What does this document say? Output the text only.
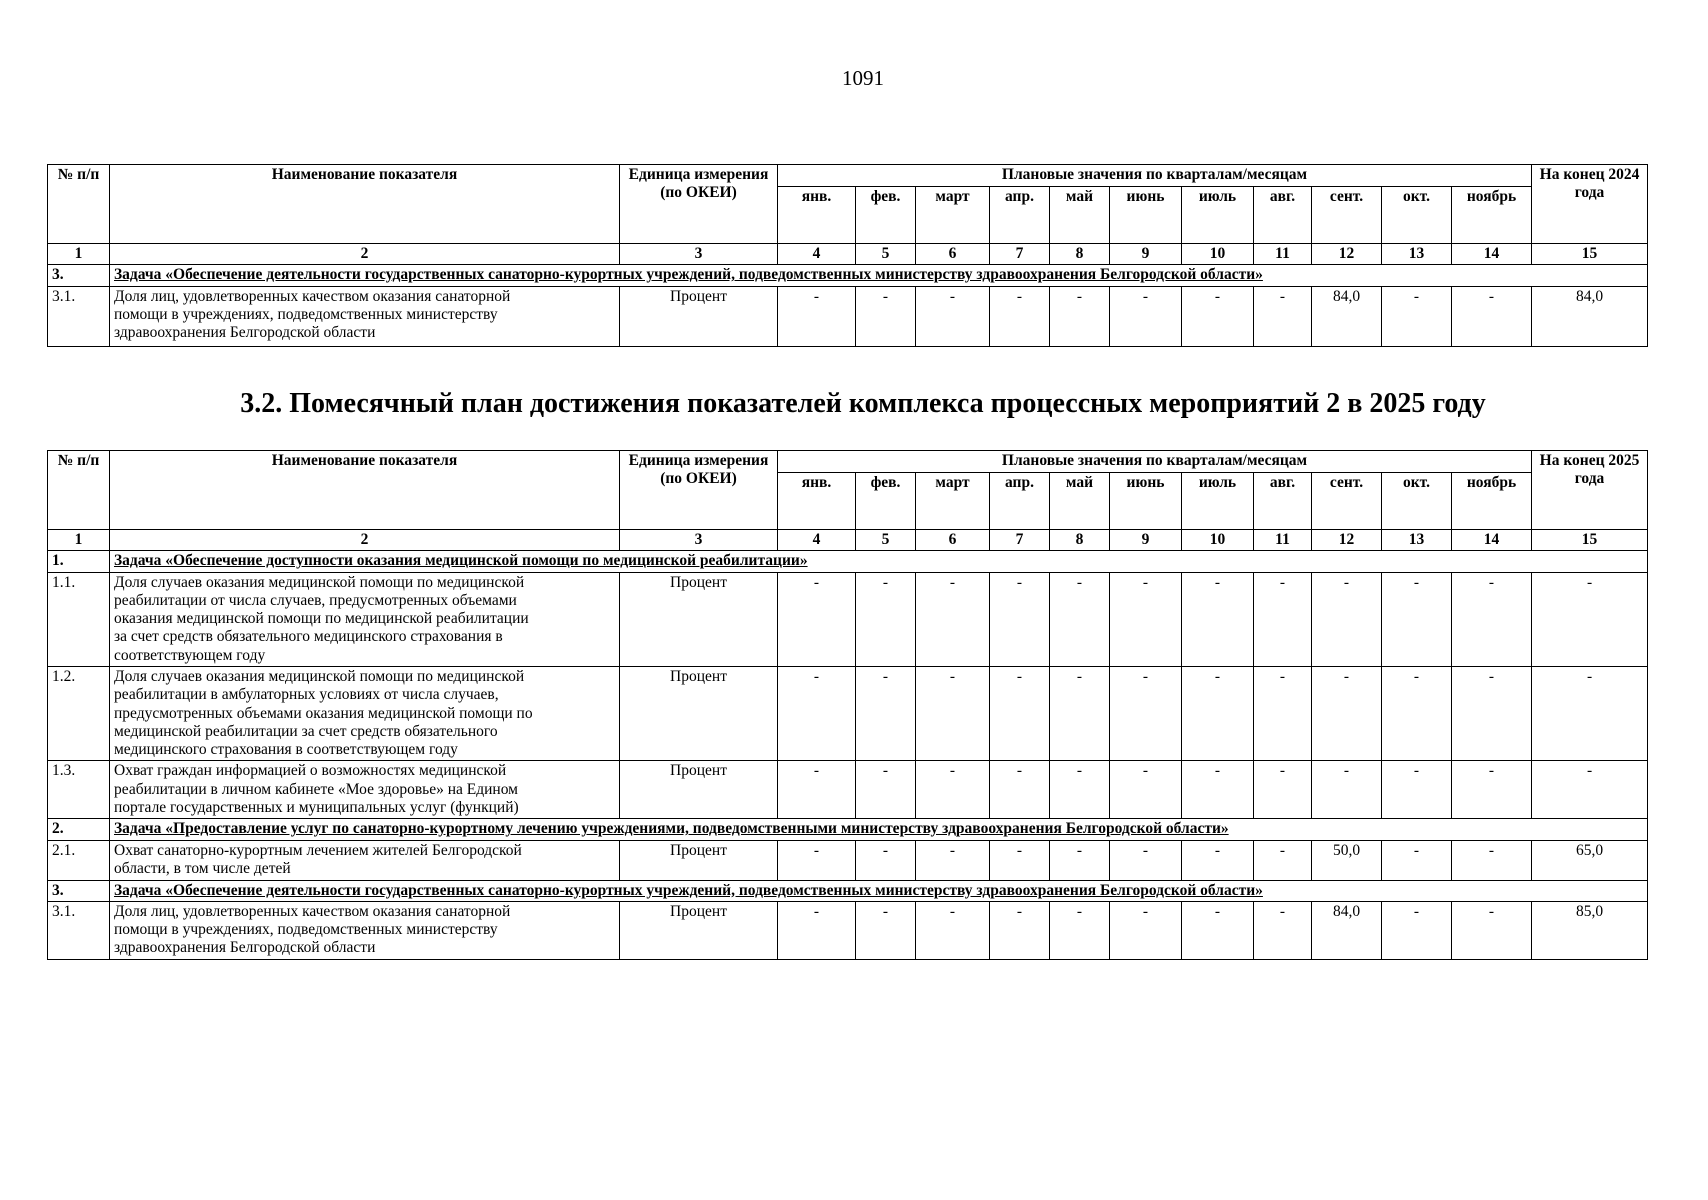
1091
№ п/п	Наименование показателя	Единица измерения (по ОКЕИ)	Плановые значения по кварталам/месяцам											На конец 2024 года
			янв.	фев.	март	апр.	май	июнь	июль	авг.	сент.	окт.	ноябрь	
1	2	3	4	5	6	7	8	9	10	11	12	13	14	15
3.	Задача «Обеспечение деятельности государственных санаторно-курортных учреждений, подведомственных министерству здравоохранения Белгородской области»													
3.1.	Доля лиц, удовлетворенных качеством оказания санаторной помощи в учреждениях, подведомственных министерству здравоохранения Белгородской области	Процент	-	-	-	-	-	-	-	-	84,0	-	-	84,0
3.2. Помесячный план достижения показателей комплекса процессных мероприятий 2 в 2025 году
№ п/п	Наименование показателя	Единица измерения (по ОКЕИ)	Плановые значения по кварталам/месяцам											На конец 2025 года
			янв.	фев.	март	апр.	май	июнь	июль	авг.	сент.	окт.	ноябрь	
1	2	3	4	5	6	7	8	9	10	11	12	13	14	15
1.	Задача «Обеспечение доступности оказания медицинской помощи по медицинской реабилитации»													
1.1.	Доля случаев оказания медицинской помощи по медицинской реабилитации от числа случаев, предусмотренных объемами оказания медицинской помощи по медицинской реабилитации за счет средств обязательного медицинского страхования в соответствующем году	Процент	-	-	-	-	-	-	-	-	-	-	-	-
1.2.	Доля случаев оказания медицинской помощи по медицинской реабилитации в амбулаторных условиях от числа случаев, предусмотренных объемами оказания медицинской помощи по медицинской реабилитации за счет средств обязательного медицинского страхования в соответствующем году	Процент	-	-	-	-	-	-	-	-	-	-	-	-
1.3.	Охват граждан информацией о возможностях медицинской реабилитации в личном кабинете «Мое здоровье» на Едином портале государственных и муниципальных услуг (функций)	Процент	-	-	-	-	-	-	-	-	-	-	-	-
2.	Задача «Предоставление услуг по санаторно-курортному лечению учреждениями, подведомственными министерству здравоохранения Белгородской области»													
2.1.	Охват санаторно-курортным лечением жителей Белгородской области, в том числе детей	Процент	-	-	-	-	-	-	-	-	50,0	-	-	65,0
3.	Задача «Обеспечение деятельности государственных санаторно-курортных учреждений, подведомственных министерству здравоохранения Белгородской области»													
3.1.	Доля лиц, удовлетворенных качеством оказания санаторной помощи в учреждениях, подведомственных министерству здравоохранения Белгородской области	Процент	-	-	-	-	-	-	-	-	84,0	-	-	85,0
